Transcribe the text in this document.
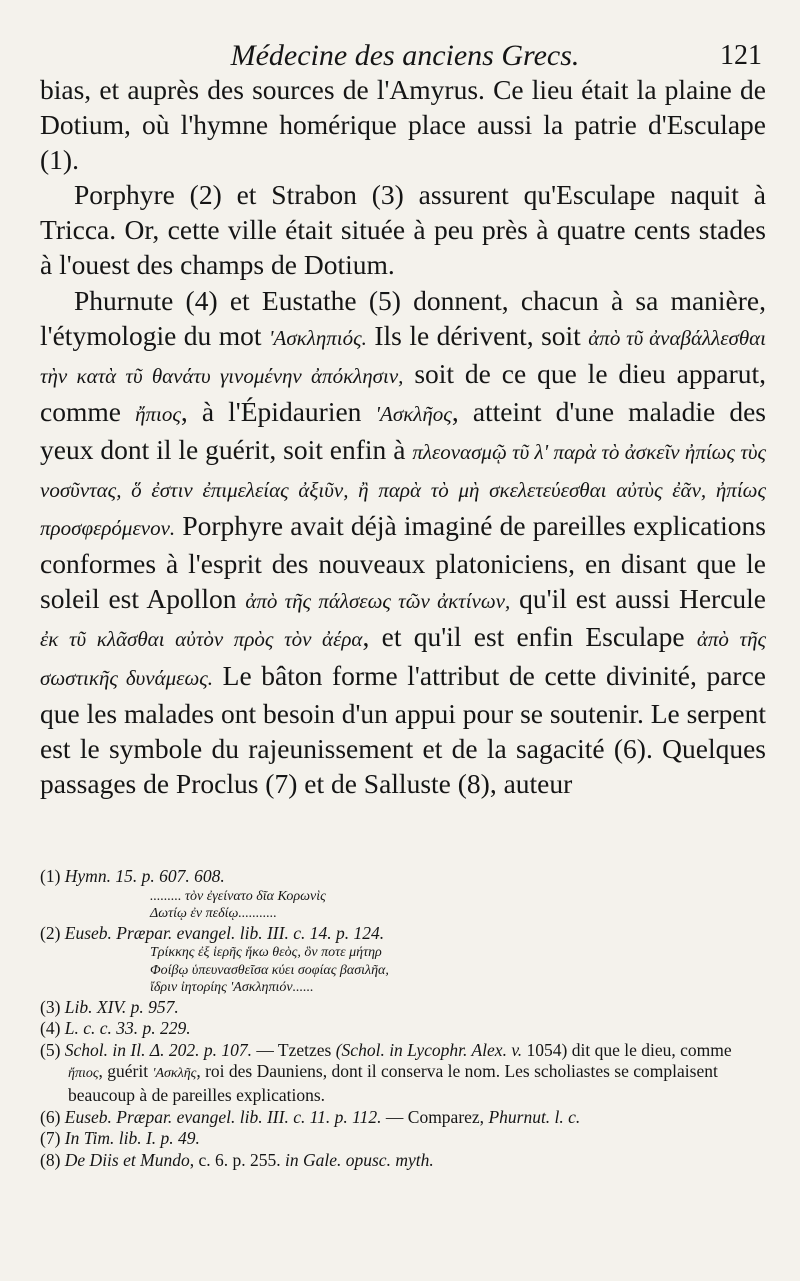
Médecine des anciens Grecs.	121

bias, et auprès des sources de l'Amyrus. Ce lieu était la plaine de Dotium, où l'hymne homérique place aussi la patrie d'Esculape (1).

Porphyre (2) et Strabon (3) assurent qu'Esculape naquit à Tricca. Or, cette ville était située à peu près à quatre cents stades à l'ouest des champs de Dotium.

Phurnute (4) et Eustathe (5) donnent, chacun à sa manière, l'étymologie du mot 'Ασκληπιός. Ils le dérivent, soit ἀπὸ τῦ ἀναβάλλεσθαι τὴν κατὰ τῦ θανάτυ γινομένην ἀπόκλησιν, soit de ce que le dieu apparut, comme ἤπιος, à l'Épidaurien 'Ασκλῆος, atteint d'une maladie des yeux dont il le guérit, soit enfin à πλεονασμῷ τῦ λ' παρὰ τὸ ἀσκεῖν ἠπίως τὺς νοσῦντας, ὅ ἐστιν ἐπιμελείας ἀξιῦν, ἢ παρὰ τὸ μὴ σκελετεύεσθαι αὐτὺς ἐᾶν, ἠπίως προσφερόμενον. Porphyre avait déjà imaginé de pareilles explications conformes à l'esprit des nouveaux platoniciens, en disant que le soleil est Apollon ἀπὸ τῆς πάλσεως τῶν ἀκτίνων, qu'il est aussi Hercule ἐκ τῦ κλᾶσθαι αὐτὸν πρὸς τὸν ἀέρα, et qu'il est enfin Esculape ἀπὸ τῆς σωστικῆς δυνάμεως. Le bâton forme l'attribut de cette divinité, parce que les malades ont besoin d'un appui pour se soutenir. Le serpent est le symbole du rajeunissement et de la sagacité (6). Quelques passages de Proclus (7) et de Salluste (8), auteur

(1) Hymn. 15. p. 607. 608.

......... τὸν ἐγείνατο δῖα Κορωνὶς

Δωτίῳ ἐν πεδίῳ...........

(2) Euseb. Præpar. evangel. lib. III. c. 14. p. 124.

Τρίκκης ἐξ ἱερῆς ἥκω θεὸς, ὃν ποτε μήτηρ

Φοίβῳ ὑπευνασθεῖσα κύει σοφίας βασιλῆα,

ἴδριν ἰητορίης 'Ασκληπιόν......

(3) Lib. XIV. p. 957.

(4) L. c. c. 33. p. 229.

(5) Schol. in Il. Δ. 202. p. 107. — Tzetzes (Schol. in Lycophr. Alex. v. 1054) dit que le dieu, comme ἤπιος, guérit 'Ασκλῆς, roi des Dauniens, dont il conserva le nom. Les scholiastes se complaisent beaucoup à de pareilles explications.

(6) Euseb. Præpar. evangel. lib. III. c. 11. p. 112. — Comparez, Phurnut. l. c.

(7) In Tim. lib. I. p. 49.

(8) De Diis et Mundo, c. 6. p. 255. in Gale. opusc. myth.
